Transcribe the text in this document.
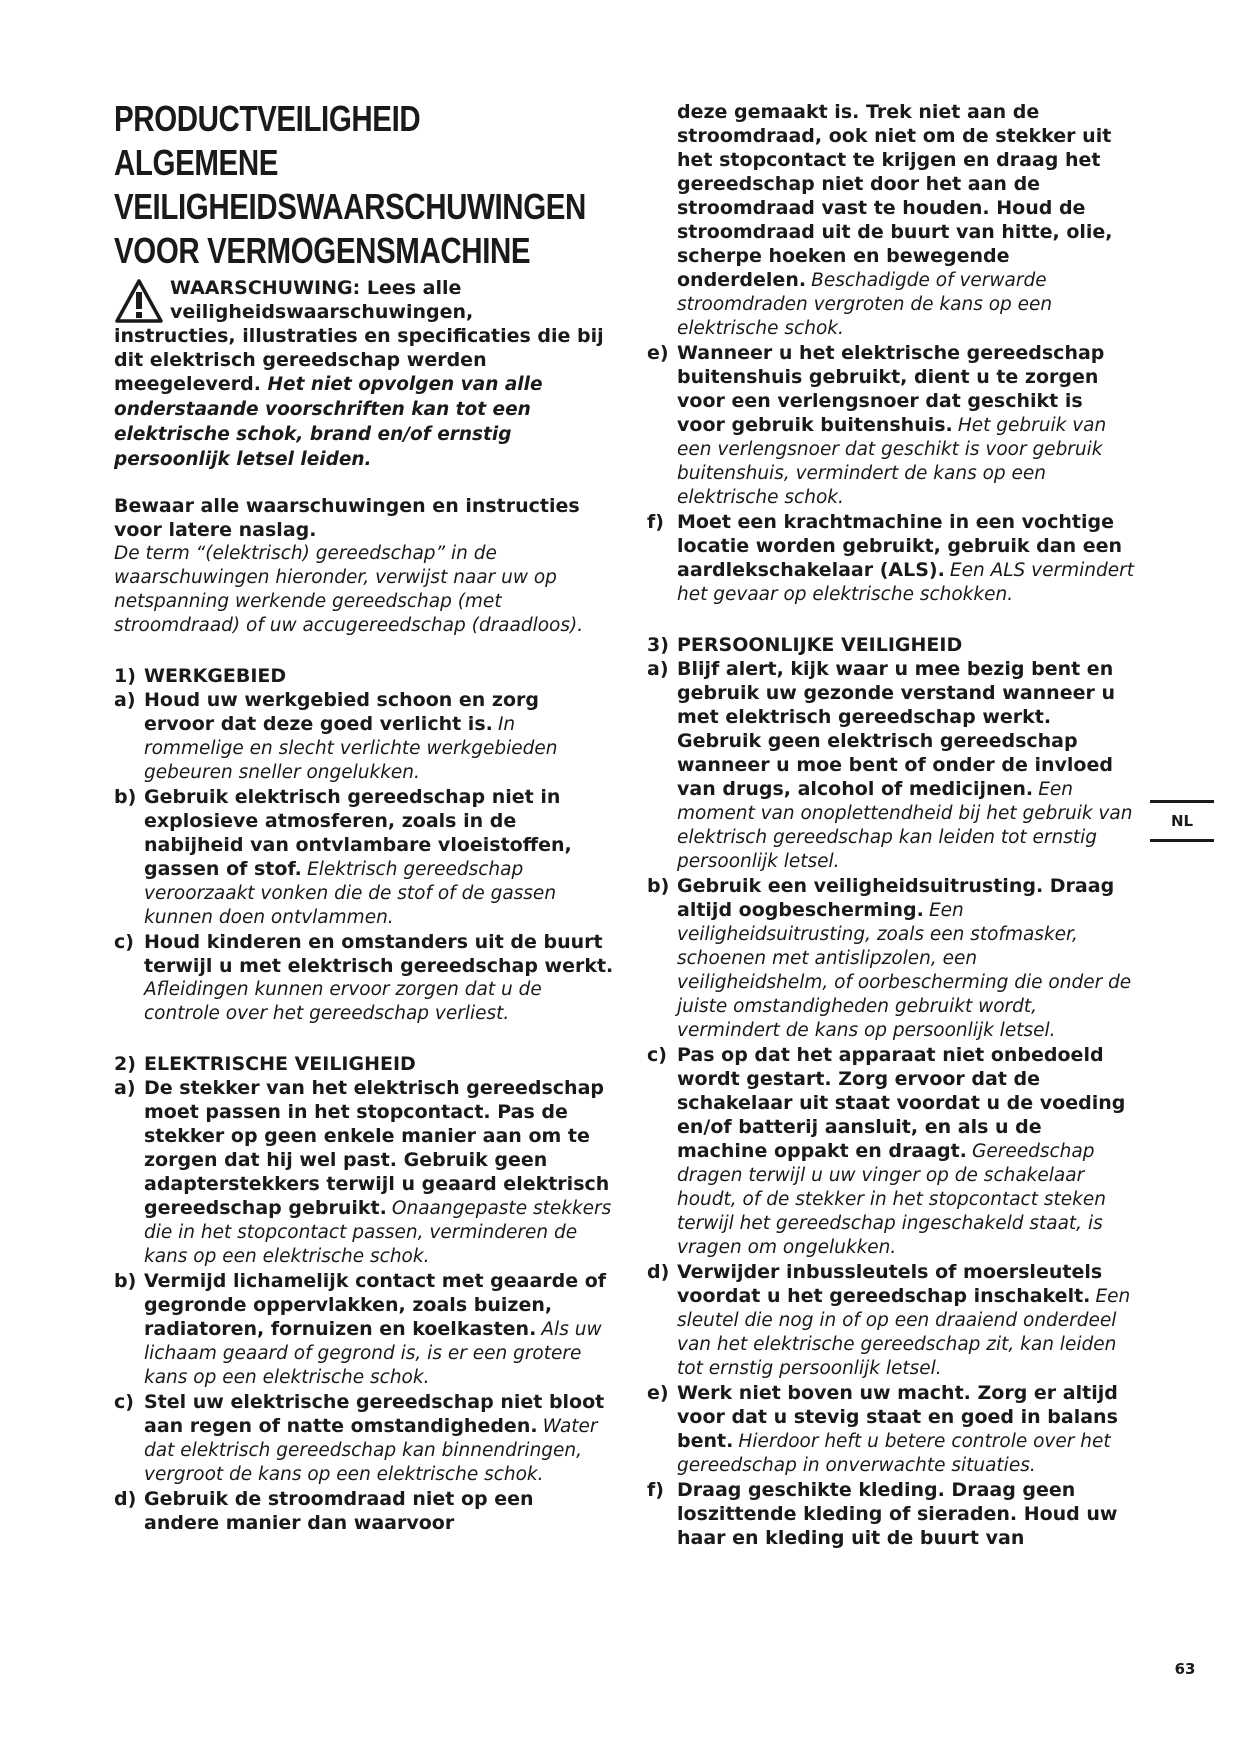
PRODUCTVEILIGHEID
ALGEMENE
VEILIGHEIDSWAARSCHUWINGEN
VOOR VERMOGENSMACHINE
WAARSCHUWING: Lees alle
veiligheidswaarschuwingen,

instructies, illustraties en specificaties die bij dit elektrisch gereedschap werden meegeleverd. Het niet opvolgen van alle onderstaande voorschriften kan tot een elektrische schok, brand en/of ernstig persoonlijk letsel leiden.

Bewaar alle waarschuwingen en instructies voor latere naslag.
De term “(elektrisch) gereedschap” in de waarschuwingen hieronder, verwijst naar uw op netspanning werkende gereedschap (met stroomdraad) of uw accugereedschap (draadloos).

1) WERKGEBIED
a) Houd uw werkgebied schoon en zorg ervoor dat deze goed verlicht is. In rommelige en slecht verlichte werkgebieden gebeuren sneller ongelukken.
b) Gebruik elektrisch gereedschap niet in explosieve atmosferen, zoals in de nabijheid van ontvlambare vloeistoffen, gassen of stof. Elektrisch gereedschap veroorzaakt vonken die de stof of de gassen kunnen doen ontvlammen.
c) Houd kinderen en omstanders uit de buurt terwijl u met elektrisch gereedschap werkt. Afleidingen kunnen ervoor zorgen dat u de controle over het gereedschap verliest.
2) ELEKTRISCHE VEILIGHEID
a) De stekker van het elektrisch gereedschap moet passen in het stopcontact. Pas de stekker op geen enkele manier aan om te zorgen dat hij wel past. Gebruik geen adapterstekkers terwijl u geaard elektrisch gereedschap gebruikt. Onaangepaste stekkers die in het stopcontact passen, verminderen de kans op een elektrische schok.
b) Vermijd lichamelijk contact met geaarde of gegronde oppervlakken, zoals buizen, radiatoren, fornuizen en koelkasten. Als uw lichaam geaard of gegrond is, is er een grotere kans op een elektrische schok.
c) Stel uw elektrische gereedschap niet bloot aan regen of natte omstandigheden. Water dat elektrisch gereedschap kan binnendringen, vergroot de kans op een elektrische schok.
d) Gebruik de stroomdraad niet op een andere manier dan waarvoor
deze gemaakt is. Trek niet aan de stroomdraad, ook niet om de stekker uit het stopcontact te krijgen en draag het gereedschap niet door het aan de stroomdraad vast te houden. Houd de stroomdraad uit de buurt van hitte, olie, scherpe hoeken en bewegende onderdelen. Beschadigde of verwarde stroomdraden vergroten de kans op een elektrische schok.
e) Wanneer u het elektrische gereedschap buitenshuis gebruikt, dient u te zorgen voor een verlengsnoer dat geschikt is voor gebruik buitenshuis. Het gebruik van een verlengsnoer dat geschikt is voor gebruik buitenshuis, vermindert de kans op een elektrische schok.
f) Moet een krachtmachine in een vochtige locatie worden gebruikt, gebruik dan een aardlekschakelaar (ALS). Een ALS vermindert het gevaar op elektrische schokken.
3) PERSOONLIJKE VEILIGHEID
a) Blijf alert, kijk waar u mee bezig bent en gebruik uw gezonde verstand wanneer u met elektrisch gereedschap werkt. Gebruik geen elektrisch gereedschap wanneer u moe bent of onder de invloed van drugs, alcohol of medicijnen. Een moment van onoplettendheid bij het gebruik van elektrisch gereedschap kan leiden tot ernstig persoonlijk letsel.
b) Gebruik een veiligheidsuitrusting. Draag altijd oogbescherming. Een veiligheidsuitrusting, zoals een stofmasker, schoenen met antislipzolen, een veiligheidshelm, of oorbescherming die onder de juiste omstandigheden gebruikt wordt, vermindert de kans op persoonlijk letsel.
c) Pas op dat het apparaat niet onbedoeld wordt gestart. Zorg ervoor dat de schakelaar uit staat voordat u de voeding en/of batterij aansluit, en als u de machine oppakt en draagt. Gereedschap dragen terwijl u uw vinger op de schakelaar houdt, of de stekker in het stopcontact steken terwijl het gereedschap ingeschakeld staat, is vragen om ongelukken.
d) Verwijder inbussleutels of moersleutels voordat u het gereedschap inschakelt. Een sleutel die nog in of op een draaiend onderdeel van het elektrische gereedschap zit, kan leiden tot ernstig persoonlijk letsel.
e) Werk niet boven uw macht. Zorg er altijd voor dat u stevig staat en goed in balans bent. Hierdoor heft u betere controle over het gereedschap in onverwachte situaties.
f) Draag geschikte kleding. Draag geen loszittende kleding of sieraden. Houd uw haar en kleding uit de buurt van
NL
63
